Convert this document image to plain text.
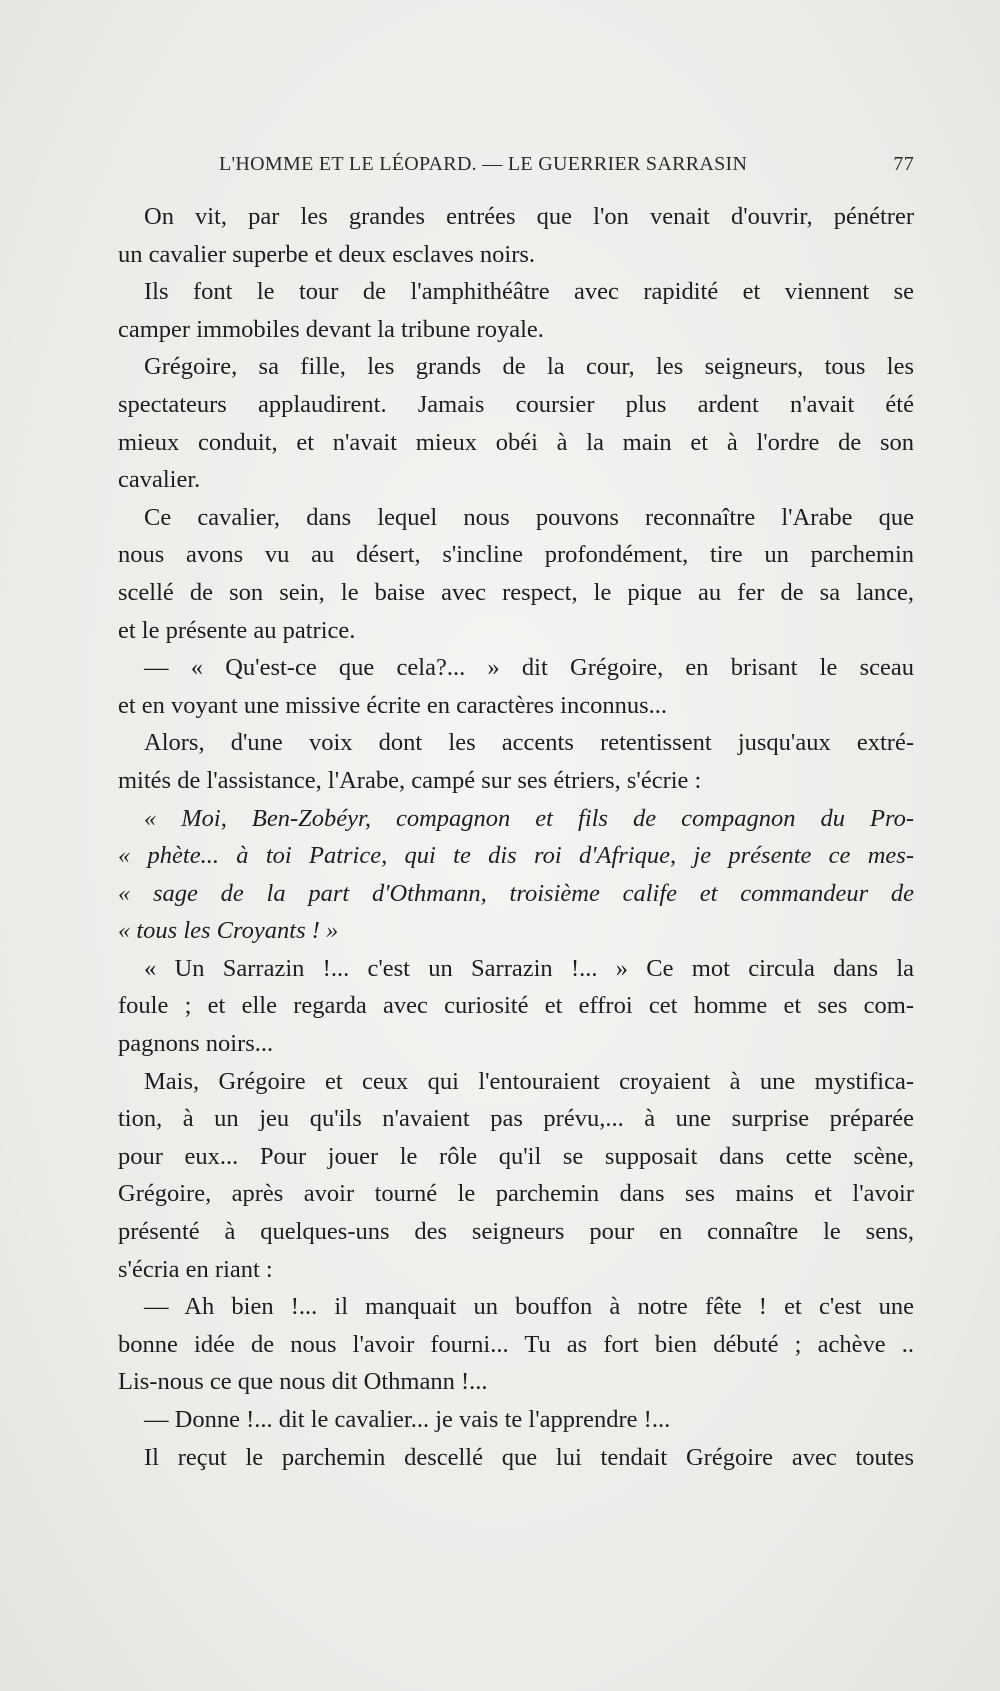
L'HOMME ET LE LÉOPARD. — LE GUERRIER SARRASIN	77
On vit, par les grandes entrées que l'on venait d'ouvrir, pénétrer
un cavalier superbe et deux esclaves noirs.
Ils font le tour de l'amphithéâtre avec rapidité et viennent se
camper immobiles devant la tribune royale.
Grégoire, sa fille, les grands de la cour, les seigneurs, tous les
spectateurs applaudirent. Jamais coursier plus ardent n'avait été
mieux conduit, et n'avait mieux obéi à la main et à l'ordre de son
cavalier.
Ce cavalier, dans lequel nous pouvons reconnaître l'Arabe que
nous avons vu au désert, s'incline profondément, tire un parchemin
scellé de son sein, le baise avec respect, le pique au fer de sa lance,
et le présente au patrice.
— « Qu'est-ce que cela?... » dit Grégoire, en brisant le sceau
et en voyant une missive écrite en caractères inconnus...
Alors, d'une voix dont les accents retentissent jusqu'aux extré-
mités de l'assistance, l'Arabe, campé sur ses étriers, s'écrie :
« Moi, Ben-Zobéyr, compagnon et fils de compagnon du Pro-
« phète... à toi Patrice, qui te dis roi d'Afrique, je présente ce mes-
« sage de la part d'Othmann, troisième calife et commandeur de
« tous les Croyants ! »
« Un Sarrazin !... c'est un Sarrazin !... » Ce mot circula dans la
foule ; et elle regarda avec curiosité et effroi cet homme et ses com-
pagnons noirs...
Mais, Grégoire et ceux qui l'entouraient croyaient à une mystifica-
tion, à un jeu qu'ils n'avaient pas prévu,... à une surprise préparée
pour eux... Pour jouer le rôle qu'il se supposait dans cette scène,
Grégoire, après avoir tourné le parchemin dans ses mains et l'avoir
présenté à quelques-uns des seigneurs pour en connaître le sens,
s'écria en riant :
— Ah bien !... il manquait un bouffon à notre fête ! et c'est une
bonne idée de nous l'avoir fourni... Tu as fort bien débuté ; achève ..
Lis-nous ce que nous dit Othmann !...
— Donne !... dit le cavalier... je vais te l'apprendre !...
Il reçut le parchemin descellé que lui tendait Grégoire avec toutes
